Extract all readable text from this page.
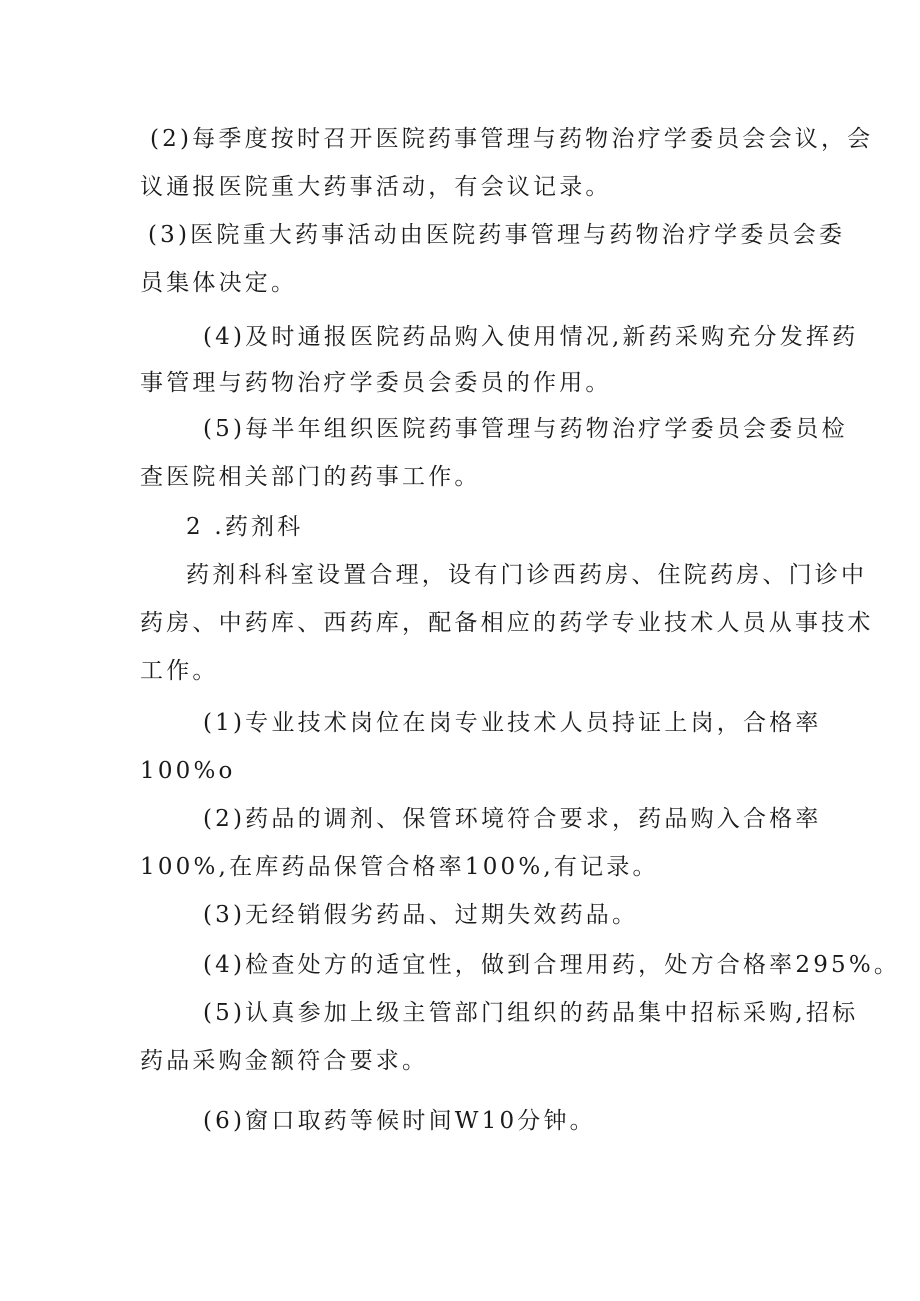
(2)每季度按时召开医院药事管理与药物治疗学委员会会议，会
议通报医院重大药事活动，有会议记录。
(3)医院重大药事活动由医院药事管理与药物治疗学委员会委
员集体决定。
(4)及时通报医院药品购入使用情况,新药采购充分发挥药
事管理与药物治疗学委员会委员的作用。
(5)每半年组织医院药事管理与药物治疗学委员会委员检
查医院相关部门的药事工作。
2 .药剂科
药剂科科室设置合理，设有门诊西药房、住院药房、门诊中
药房、中药库、西药库，配备相应的药学专业技术人员从事技术
工作。
(1)专业技术岗位在岗专业技术人员持证上岗，合格率
100%o
(2)药品的调剂、保管环境符合要求，药品购入合格率
100%,在库药品保管合格率100%,有记录。
(3)无经销假劣药品、过期失效药品。
(4)检查处方的适宜性，做到合理用药，处方合格率295%。
(5)认真参加上级主管部门组织的药品集中招标采购,招标
药品采购金额符合要求。
(6)窗口取药等候时间W10分钟。
